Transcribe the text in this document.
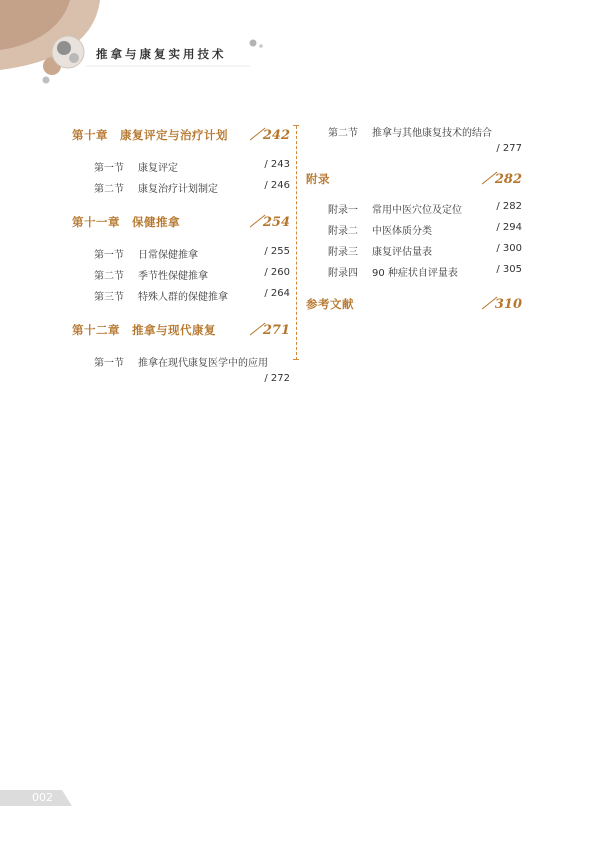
推拿与康复实用技术
第十章　康复评定与治疗计划 ／242
第一节	康复评定	/ 243
第二节	康复治疗计划制定	/ 246
第十一章　保健推拿	／254
第一节	日常保健推拿	/ 255
第二节	季节性保健推拿	/ 260
第三节	特殊人群的保健推拿	/ 264
第十二章　推拿与现代康复	／271
第一节	推拿在现代康复医学中的应用
/ 272
第二节	推拿与其他康复技术的结合
/ 277
附录	／282
附录一	常用中医穴位及定位	/ 282
附录二	中医体质分类	/ 294
附录三	康复评估量表	/ 300
附录四	90 种症状自评量表	/ 305
参考文献	／310
002
